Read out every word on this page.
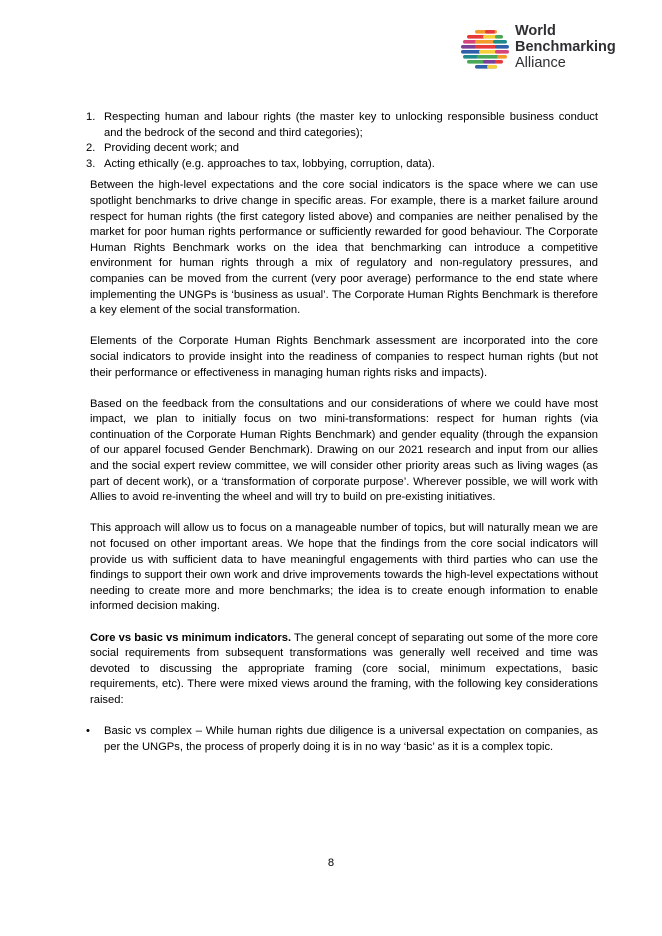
World
Benchmarking
Alliance
1. Respecting human and labour rights (the master key to unlocking responsible business conduct and the bedrock of the second and third categories);
2. Providing decent work; and
3. Acting ethically (e.g. approaches to tax, lobbying, corruption, data).

Between the high-level expectations and the core social indicators is the space where we can use spotlight benchmarks to drive change in specific areas. For example, there is a market failure around respect for human rights (the first category listed above) and companies are neither penalised by the market for poor human rights performance or sufficiently rewarded for good behaviour. The Corporate Human Rights Benchmark works on the idea that benchmarking can introduce a competitive environment for human rights through a mix of regulatory and non-regulatory pressures, and companies can be moved from the current (very poor average) performance to the end state where implementing the UNGPs is ‘business as usual’. The Corporate Human Rights Benchmark is therefore a key element of the social transformation.

Elements of the Corporate Human Rights Benchmark assessment are incorporated into the core social indicators to provide insight into the readiness of companies to respect human rights (but not their performance or effectiveness in managing human rights risks and impacts).

Based on the feedback from the consultations and our considerations of where we could have most impact, we plan to initially focus on two mini-transformations: respect for human rights (via continuation of the Corporate Human Rights Benchmark) and gender equality (through the expansion of our apparel focused Gender Benchmark). Drawing on our 2021 research and input from our allies and the social expert review committee, we will consider other priority areas such as living wages (as part of decent work), or a ‘transformation of corporate purpose’. Wherever possible, we will work with Allies to avoid re-inventing the wheel and will try to build on pre-existing initiatives.

This approach will allow us to focus on a manageable number of topics, but will naturally mean we are not focused on other important areas. We hope that the findings from the core social indicators will provide us with sufficient data to have meaningful engagements with third parties who can use the findings to support their own work and drive improvements towards the high-level expectations without needing to create more and more benchmarks; the idea is to create enough information to enable informed decision making.

Core vs basic vs minimum indicators. The general concept of separating out some of the more core social requirements from subsequent transformations was generally well received and time was devoted to discussing the appropriate framing (core social, minimum expectations, basic requirements, etc). There were mixed views around the framing, with the following key considerations raised:

• Basic vs complex – While human rights due diligence is a universal expectation on companies, as per the UNGPs, the process of properly doing it is in no way ‘basic’ as it is a complex topic.
8
